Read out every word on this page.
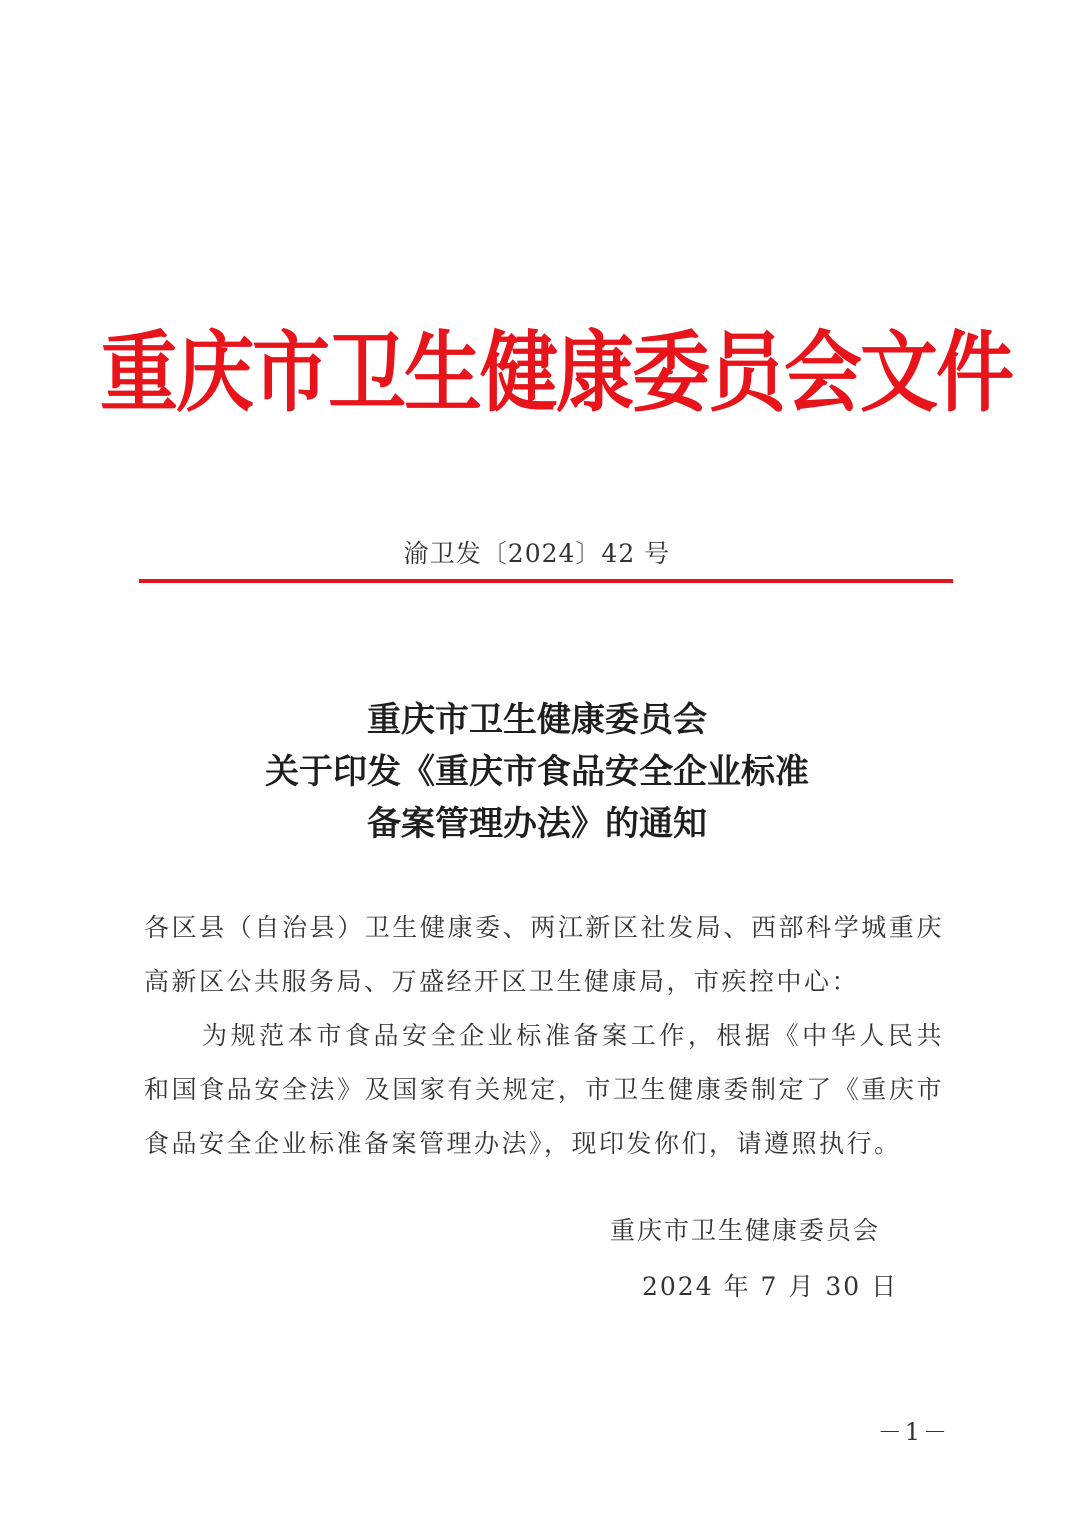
重庆市卫生健康委员会文件
渝卫发〔2024〕42 号
重庆市卫生健康委员会
关于印发《重庆市食品安全企业标准
备案管理办法》的通知

各区县（自治县）卫生健康委、两江新区社发局、西部科学城重庆高新区公共服务局、万盛经开区卫生健康局，市疾控中心：

为规范本市食品安全企业标准备案工作，根据《中华人民共和国食品安全法》及国家有关规定，市卫生健康委制定了《重庆市食品安全企业标准备案管理办法》，现印发你们，请遵照执行。

重庆市卫生健康委员会
2024 年 7 月 30 日
－1－
